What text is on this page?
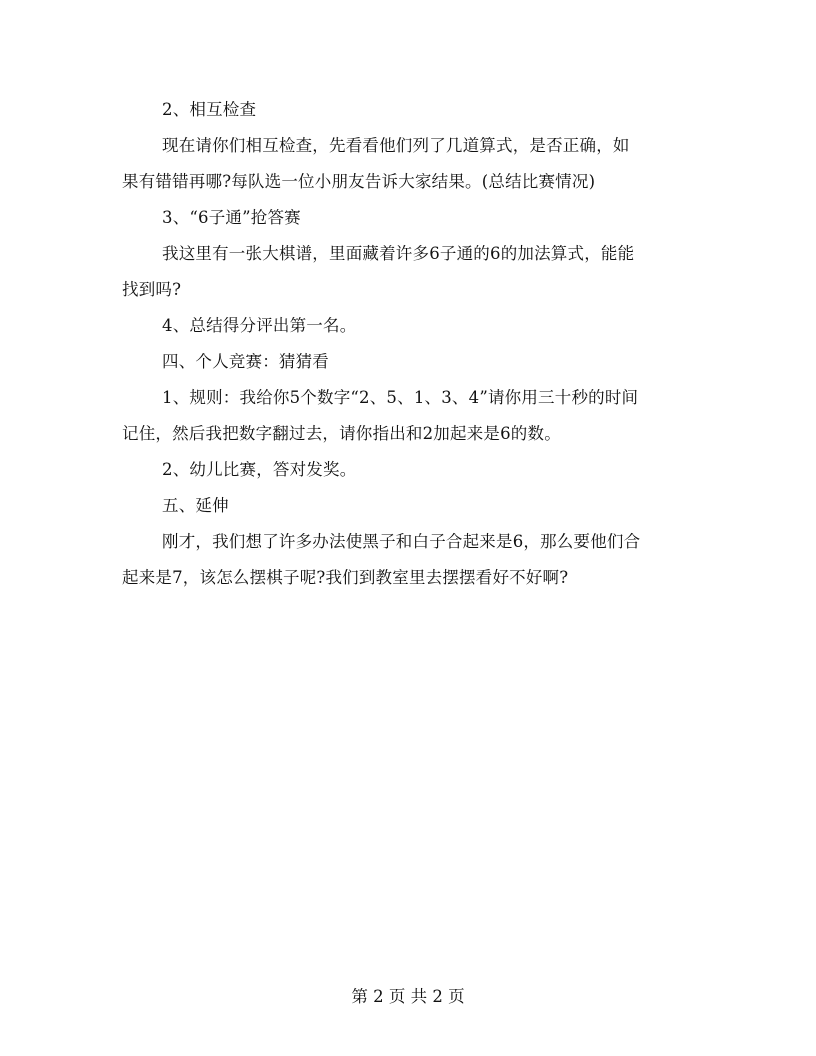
2、相互检查
现在请你们相互检查，先看看他们列了几道算式，是否正确，如
果有错错再哪?每队选一位小朋友告诉大家结果。(总结比赛情况)
3、“6子通”抢答赛
我这里有一张大棋谱，里面藏着许多6子通的6的加法算式，能能
找到吗?
4、总结得分评出第一名。
四、个人竞赛：猜猜看
1、规则：我给你5个数字“2、5、1、3、4”请你用三十秒的时间
记住，然后我把数字翻过去，请你指出和2加起来是6的数。
2、幼儿比赛，答对发奖。
五、延伸
刚才，我们想了许多办法使黑子和白子合起来是6，那么要他们合
起来是7，该怎么摆棋子呢?我们到教室里去摆摆看好不好啊?
第 2 页 共 2 页
